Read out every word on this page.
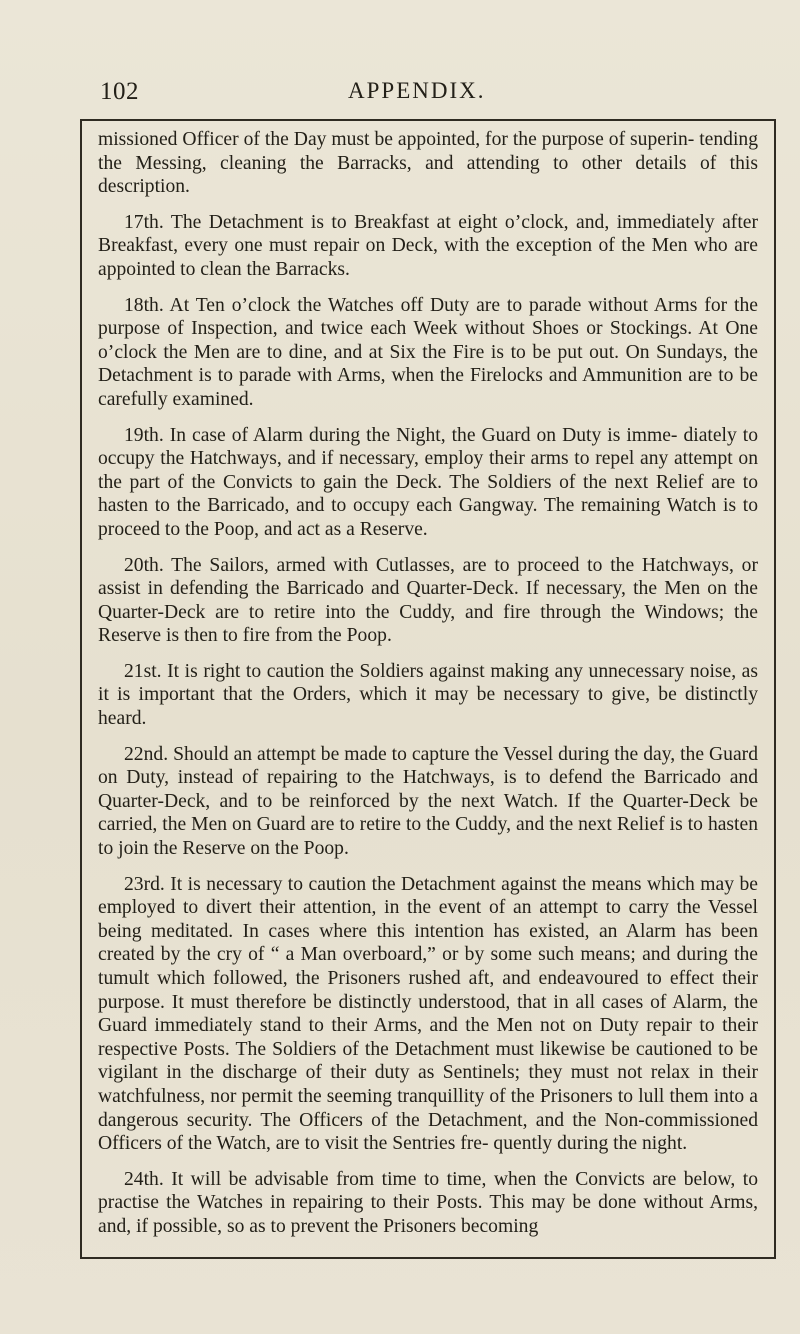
102	APPENDIX.

missioned Officer of the Day must be appointed, for the purpose of superin- tending the Messing, cleaning the Barracks, and attending to other details of this description.

17th. The Detachment is to Breakfast at eight o’clock, and, immediately after Breakfast, every one must repair on Deck, with the exception of the Men who are appointed to clean the Barracks.

18th. At Ten o’clock the Watches off Duty are to parade without Arms for the purpose of Inspection, and twice each Week without Shoes or Stockings. At One o’clock the Men are to dine, and at Six the Fire is to be put out. On Sundays, the Detachment is to parade with Arms, when the Firelocks and Ammunition are to be carefully examined.

19th. In case of Alarm during the Night, the Guard on Duty is imme- diately to occupy the Hatchways, and if necessary, employ their arms to repel any attempt on the part of the Convicts to gain the Deck. The Soldiers of the next Relief are to hasten to the Barricado, and to occupy each Gangway. The remaining Watch is to proceed to the Poop, and act as a Reserve.

20th. The Sailors, armed with Cutlasses, are to proceed to the Hatchways, or assist in defending the Barricado and Quarter-Deck. If necessary, the Men on the Quarter-Deck are to retire into the Cuddy, and fire through the Windows; the Reserve is then to fire from the Poop.

21st. It is right to caution the Soldiers against making any unnecessary noise, as it is important that the Orders, which it may be necessary to give, be distinctly heard.

22nd. Should an attempt be made to capture the Vessel during the day, the Guard on Duty, instead of repairing to the Hatchways, is to defend the Barricado and Quarter-Deck, and to be reinforced by the next Watch. If the Quarter-Deck be carried, the Men on Guard are to retire to the Cuddy, and the next Relief is to hasten to join the Reserve on the Poop.

23rd. It is necessary to caution the Detachment against the means which may be employed to divert their attention, in the event of an attempt to carry the Vessel being meditated. In cases where this intention has existed, an Alarm has been created by the cry of “ a Man overboard,” or by some such means; and during the tumult which followed, the Prisoners rushed aft, and endeavoured to effect their purpose. It must therefore be distinctly understood, that in all cases of Alarm, the Guard immediately stand to their Arms, and the Men not on Duty repair to their respective Posts. The Soldiers of the Detachment must likewise be cautioned to be vigilant in the discharge of their duty as Sentinels; they must not relax in their watchfulness, nor permit the seeming tranquillity of the Prisoners to lull them into a dangerous security. The Officers of the Detachment, and the Non-commissioned Officers of the Watch, are to visit the Sentries fre- quently during the night.

24th. It will be advisable from time to time, when the Convicts are below, to practise the Watches in repairing to their Posts. This may be done without Arms, and, if possible, so as to prevent the Prisoners becoming
